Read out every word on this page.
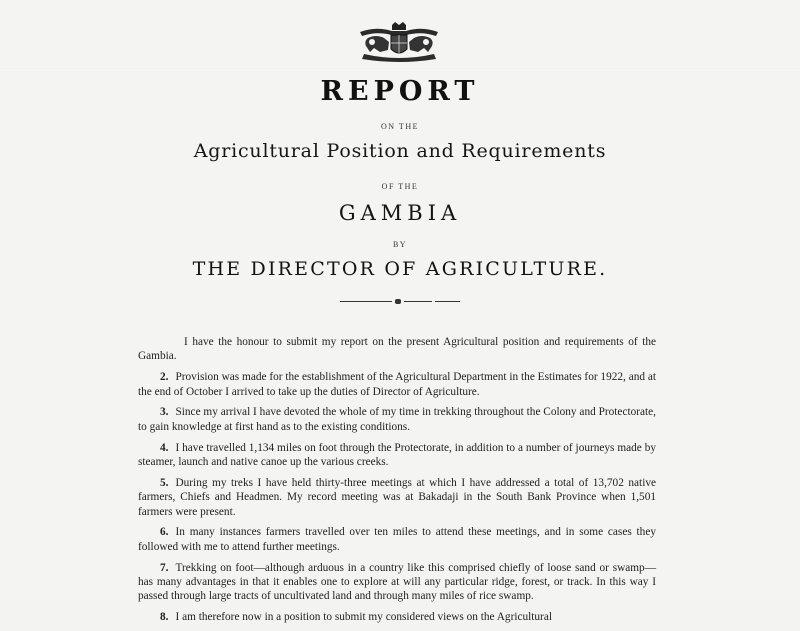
REPORT
ON THE
Agricultural Position and Requirements
OF THE
GAMBIA
BY
THE DIRECTOR OF AGRICULTURE.

I have the honour to submit my report on the present Agricultural position and requirements of the Gambia.

2. Provision was made for the establishment of the Agricultural Department in the Estimates for 1922, and at the end of October I arrived to take up the duties of Director of Agriculture.

3. Since my arrival I have devoted the whole of my time in trekking throughout the Colony and Protectorate, to gain knowledge at first hand as to the existing conditions.

4. I have travelled 1,134 miles on foot through the Protectorate, in addition to a number of journeys made by steamer, launch and native canoe up the various creeks.

5. During my treks I have held thirty-three meetings at which I have addressed a total of 13,702 native farmers, Chiefs and Headmen. My record meeting was at Bakadaji in the South Bank Province when 1,501 farmers were present.

6. In many instances farmers travelled over ten miles to attend these meetings, and in some cases they followed with me to attend further meetings.

7. Trekking on foot—although arduous in a country like this comprised chiefly of loose sand or swamp—has many advantages in that it enables one to explore at will any particular ridge, forest, or track. In this way I passed through large tracts of uncultivated land and through many miles of rice swamp.

8. I am therefore now in a position to submit my considered views on the Agricultural
